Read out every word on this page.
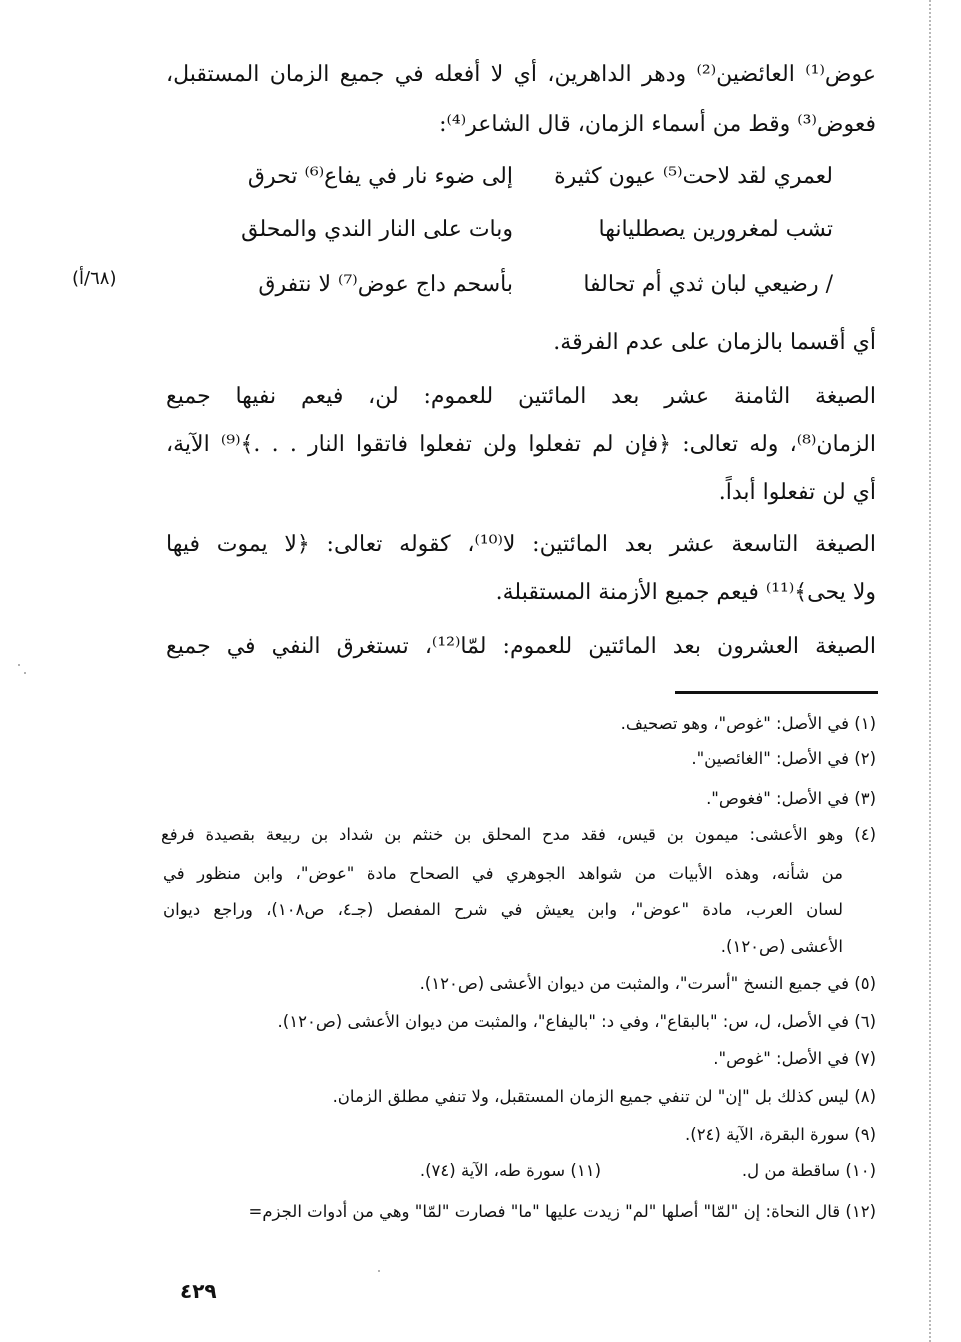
عوض⁽¹⁾ العائضين⁽²⁾ ودهر الداهرين، أي لا أفعله في جميع الزمان المستقبل،
فعوض⁽³⁾ وقط من أسماء الزمان، قال الشاعر⁽⁴⁾:
لعمري لقد لاحت⁽⁵⁾ عيون كثيرة
إلى ضوء نار في يفاع⁽⁶⁾ تحرق
تشب لمغرورين يصطليانها
وبات على النار الندي والمحلق
/ رضيعي لبان ثدي أم تحالفا
بأسحم داج عوض⁽⁷⁾ لا نتفرق
(٦٨/أ)
أي أقسما بالزمان على عدم الفرقة.
الصيغة الثامنة عشر بعد المائتين للعموم: لن، فيعم نفيها جميع
الزمان⁽⁸⁾، وله تعالى: ﴿فإن لم تفعلوا ولن تفعلوا فاتقوا النار . . .﴾⁽⁹⁾ الآية،
أي لن تفعلوا أبداً.
الصيغة التاسعة عشر بعد المائتين: لا⁽¹⁰⁾، كقوله تعالى: ﴿لا يموت فيها
ولا يحى﴾⁽¹¹⁾ فيعم جميع الأزمنة المستقبلة.
الصيغة العشرون بعد المائتين للعموم: لمّا⁽¹²⁾، تستغرق النفي في جميع
(١) في الأصل: "غوص"، وهو تصحيف.
(٢) في الأصل: "الغائصين".
(٣) في الأصل: "فغوص".
(٤) وهو الأعشى: ميمون بن قيس، فقد مدح المحلق بن خنثم بن شداد بن ربيعة بقصيدة فرفع
من شأنه، وهذه الأبيات من شواهد الجوهري في الصحاح مادة "عوض"، وابن منظور في
لسان العرب، مادة "عوض"، وابن يعيش في شرح المفصل (جـ٤، ص١٠٨)، وراجع ديوان
الأعشى (ص١٢٠).
(٥) في جميع النسخ "أسرت"، والمثبت من ديوان الأعشى (ص١٢٠).
(٦) في الأصل، ل، س: "بالبقاع"، وفي د: "باليفاع"، والمثبت من ديوان الأعشى (ص١٢٠).
(٧) في الأصل: "غوص".
(٨) ليس كذلك بل "إن" لن تنفي جميع الزمان المستقبل، ولا تنفي مطلق الزمان.
(٩) سورة البقرة، الآية (٢٤).
(١٠) ساقطة من ل.
(١١) سورة طه، الآية (٧٤).
(١٢) قال النحاة: إن "لمّا" أصلها "لم" زيدت عليها "ما" فصارت "لمّا" وهي من أدوات الجزم=
٤٢٩
